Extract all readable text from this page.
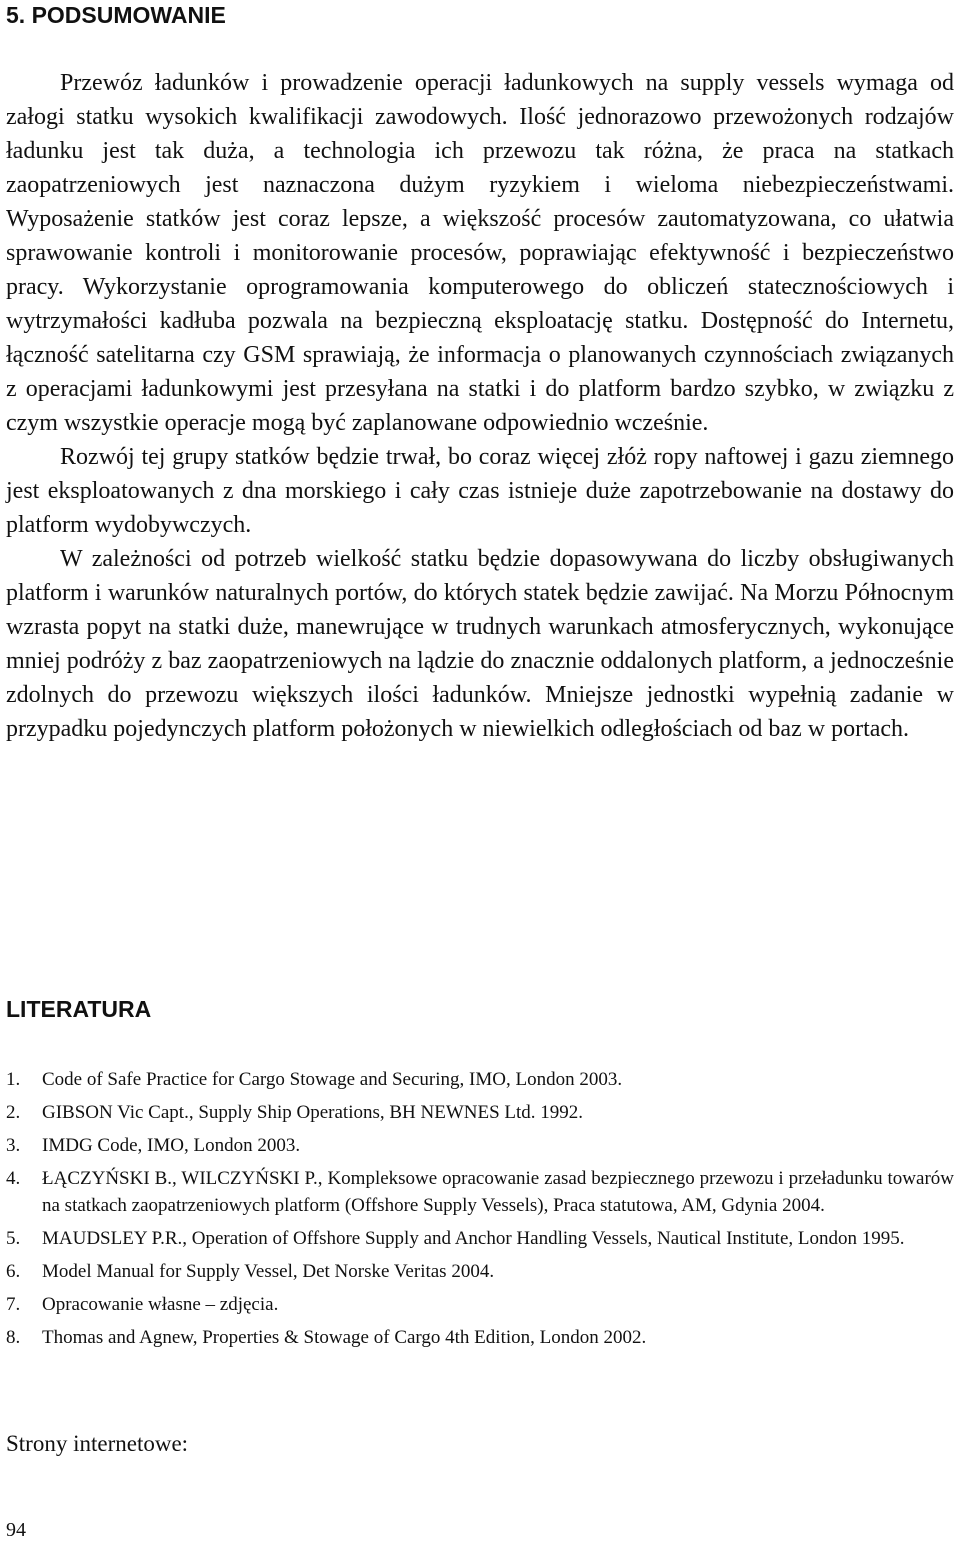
5. PODSUMOWANIE

Przewóz ładunków i prowadzenie operacji ładunkowych na supply vessels wymaga od załogi statku wysokich kwalifikacji zawodowych. Ilość jednorazowo przewożonych rodzajów ładunku jest tak duża, a technologia ich przewozu tak różna, że praca na statkach zaopatrzeniowych jest naznaczona dużym ryzykiem i wieloma niebezpieczeństwami. Wyposażenie statków jest coraz lepsze, a większość procesów zautomatyzowana, co ułatwia sprawowanie kontroli i monitorowanie procesów, poprawiając efektywność i bezpieczeństwo pracy. Wykorzystanie oprogramowania komputerowego do obliczeń statecznościowych i wytrzymałości kadłuba pozwala na bezpieczną eksploatację statku. Dostępność do Internetu, łączność satelitarna czy GSM sprawiają, że informacja o planowanych czynnościach związanych z operacjami ładunkowymi jest przesyłana na statki i do platform bardzo szybko, w związku z czym wszystkie operacje mogą być zaplanowane odpowiednio wcześnie.

Rozwój tej grupy statków będzie trwał, bo coraz więcej złóż ropy naftowej i gazu ziemnego jest eksploatowanych z dna morskiego i cały czas istnieje duże zapotrzebowanie na dostawy do platform wydobywczych.

W zależności od potrzeb wielkość statku będzie dopasowywana do liczby obsługiwanych platform i warunków naturalnych portów, do których statek będzie zawijać. Na Morzu Północnym wzrasta popyt na statki duże, manewrujące w trudnych warunkach atmosferycznych, wykonujące mniej podróży z baz zaopatrzeniowych na lądzie do znacznie oddalonych platform, a jednocześnie zdolnych do przewozu większych ilości ładunków. Mniejsze jednostki wypełnią zadanie w przypadku pojedynczych platform położonych w niewielkich odległościach od baz w portach.

LITERATURA
1.	Code of Safe Practice for Cargo Stowage and Securing, IMO, London 2003.
2.	GIBSON Vic Capt., Supply Ship Operations, BH NEWNES Ltd. 1992.
3.	IMDG Code, IMO, London 2003.
4.	ŁĄCZYŃSKI B., WILCZYŃSKI P., Kompleksowe opracowanie zasad bezpiecznego przewozu i przeładunku towarów na statkach zaopatrzeniowych platform (Offshore Supply Vessels), Praca statutowa, AM, Gdynia 2004.
5.	MAUDSLEY P.R., Operation of Offshore Supply and Anchor Handling Vessels, Nautical Institute, London 1995.
6.	Model Manual for Supply Vessel, Det Norske Veritas 2004.
7.	Opracowanie własne – zdjęcia.
8.	Thomas and Agnew, Properties & Stowage of Cargo 4th Edition, London 2002.

Strony internetowe:

94
